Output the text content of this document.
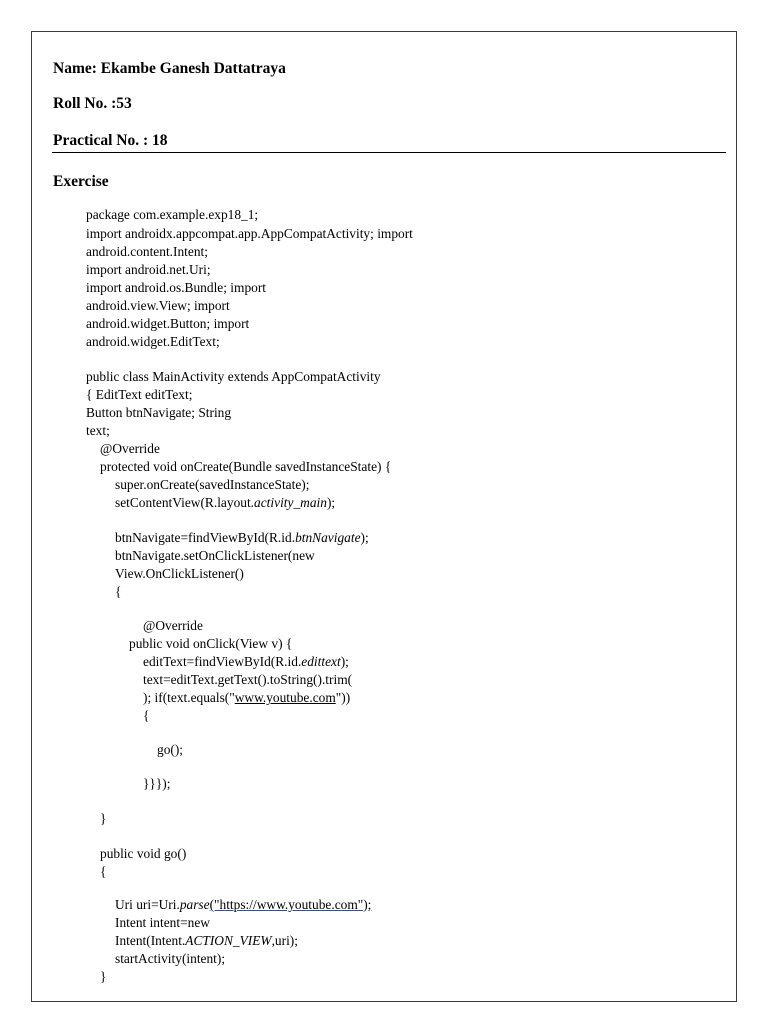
Name: Ekambe Ganesh Dattatraya
Roll No. :53
Practical No. : 18
Exercise
package com.example.exp18_1;
import androidx.appcompat.app.AppCompatActivity; import
android.content.Intent;
import android.net.Uri;
import android.os.Bundle; import
android.view.View; import
android.widget.Button; import
android.widget.EditText;
public class MainActivity extends AppCompatActivity
{ EditText editText;
Button btnNavigate; String
text;
@Override
protected void onCreate(Bundle savedInstanceState) {
super.onCreate(savedInstanceState);
setContentView(R.layout.activity_main);
btnNavigate=findViewById(R.id.btnNavigate);
btnNavigate.setOnClickListener(new
View.OnClickListener()
{
@Override
public void onClick(View v) {
editText=findViewById(R.id.edittext);
text=editText.getText().toString().trim(
); if(text.equals("www.youtube.com"))
{
go();
}}});
}
public void go()
{
Uri uri=Uri.parse("https://www.youtube.com");
Intent intent=new
Intent(Intent.ACTION_VIEW,uri);
startActivity(intent);
}
